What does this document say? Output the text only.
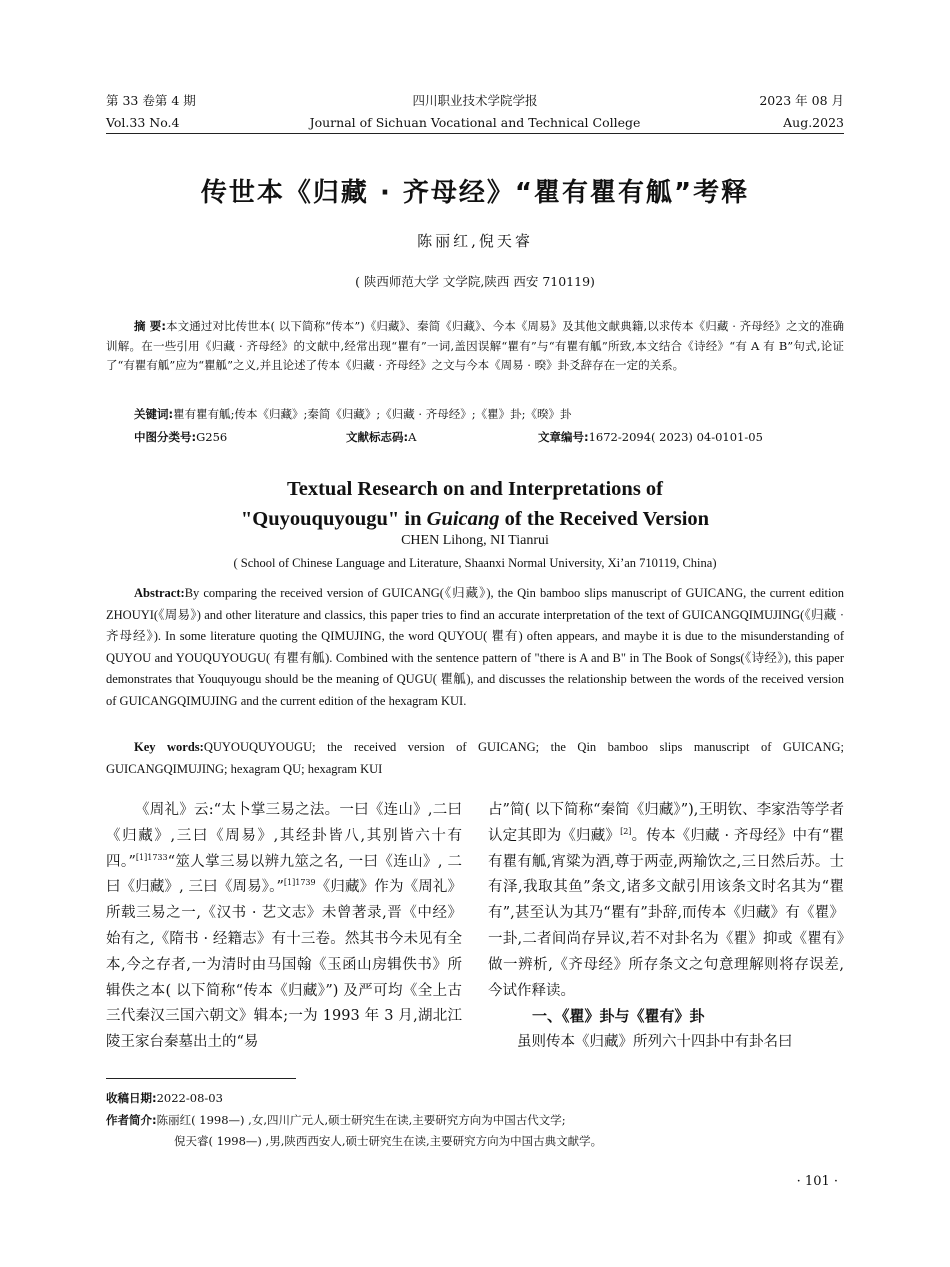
第 33 卷第 4 期	四川职业技术学院学报	2023 年 08 月
Vol.33 No.4	Journal of Sichuan Vocational and Technical College	Aug.2023
传世本《归藏 · 齐母经》“瞿有瞿有觚”考释
陈丽红,倪天睿
( 陕西师范大学 文学院,陕西 西安 710119)
摘 要:本文通过对比传世本( 以下简称“传本”)《归藏》、秦简《归藏》、今本《周易》及其他文献典籍,以求传本《归藏 · 齐母经》之文的准确训解。在一些引用《归藏 · 齐母经》的文献中,经常出现“瞿有”一词,盖因误解“瞿有”与“有瞿有觚”所致,本文结合《诗经》“有 A 有 B”句式,论证了“有瞿有觚”应为“瞿觚”之义,并且论述了传本《归藏 · 齐母经》之文与今本《周易 · 暌》卦爻辞存在一定的关系。
关键词:瞿有瞿有觚;传本《归藏》;秦简《归藏》;《归藏 · 齐母经》;《瞿》卦;《暌》卦
中图分类号:G256	文献标志码:A	文章编号:1672-2094( 2023) 04-0101-05
Textual Research on and Interpretations of
"Quyouquyougu" in Guicang of the Received Version
CHEN Lihong, NI Tianrui
( School of Chinese Language and Literature, Shaanxi Normal University, Xi’an 710119, China)
Abstract:By comparing the received version of GUICANG(《归藏》), the Qin bamboo slips manuscript of GUICANG, the current edition ZHOUYI(《周易》) and other literature and classics, this paper tries to find an accurate interpretation of the text of GUICANGQIMUJING(《归藏 · 齐母经》). In some literature quoting the QIMUJING, the word QUYOU( 瞿有) often appears, and maybe it is due to the misunderstanding of QUYOU and YOUQUYOUGU( 有瞿有觚). Combined with the sentence pattern of "there is A and B" in The Book of Songs(《诗经》), this paper demonstrates that Youquyougu should be the meaning of QUGU( 瞿觚), and discusses the relationship between the words of the received version of GUICANGQIMUJING and the current edition of the hexagram KUI.
Key words:QUYOUQUYOUGU; the received version of GUICANG; the Qin bamboo slips manuscript of GUICANG; GUICANGQIMUJING; hexagram QU; hexagram KUI

《周礼》云:“太卜掌三易之法。一曰《连山》,二曰《归藏》,三曰《周易》,其经卦皆八,其别皆六十有四。”$^{[1]1733}$“筮人掌三易以辨九筮之名, 一曰《连山》, 二曰《归藏》, 三曰《周易》。”$^{[1]1739}$《归藏》作为《周礼》所载三易之一,《汉书 · 艺文志》未曾著录,晋《中经》始有之,《隋书 · 经籍志》有十三卷。然其书今未见有全本,今之存者,一为清时由马国翰《玉函山房辑佚书》所辑佚之本( 以下简称“传本《归藏》”) 及严可均《全上古三代秦汉三国六朝文》辑本;一为 1993 年 3 月,湖北江陵王家台秦墓出土的“易

占”简( 以下简称“秦简《归藏》”),王明钦、李家浩等学者认定其即为《归藏》[2]。传本《归藏 · 齐母经》中有“瞿有瞿有觚,宵粱为酒,尊于两壶,两羭饮之,三日然后苏。士有泽,我取其鱼”条文,诸多文献引用该条文时名其为“瞿有”,甚至认为其乃“瞿有”卦辞,而传本《归藏》有《瞿》一卦,二者间尚存异议,若不对卦名为《瞿》抑或《瞿有》做一辨析,《齐母经》所存条文之句意理解则将存误差,今试作释读。

一、《瞿》卦与《瞿有》卦

虽则传本《归藏》所列六十四卦中有卦名曰

收稿日期:2022-08-03
作者简介:陈丽红( 1998—) ,女,四川广元人,硕士研究生在读,主要研究方向为中国古代文学;
倪天睿( 1998—) ,男,陕西西安人,硕士研究生在读,主要研究方向为中国古典文献学。
· 101 ·
